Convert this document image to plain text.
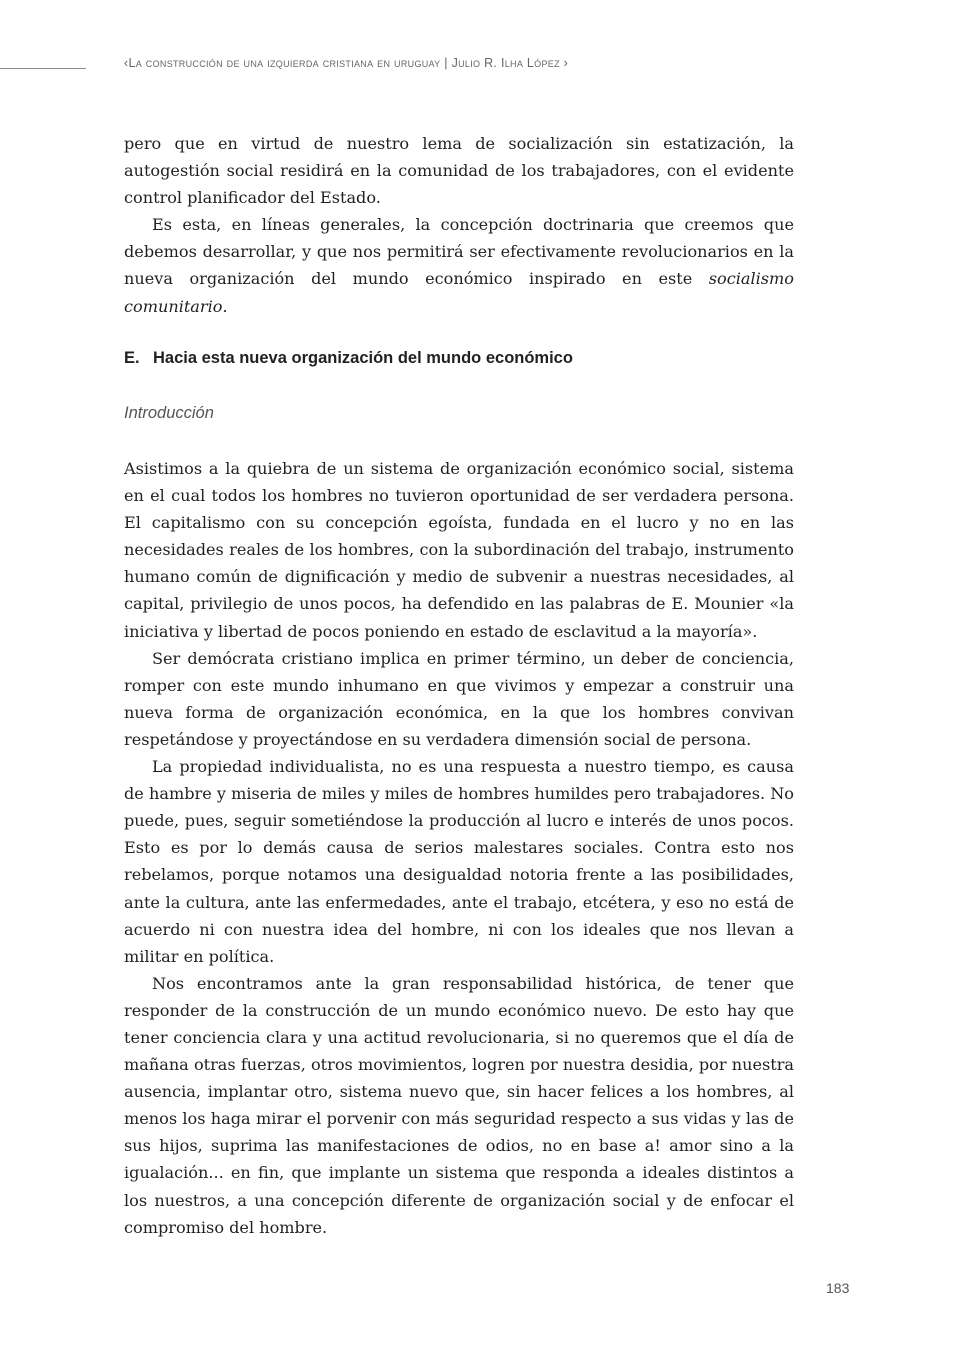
‹La construcción de una izquierda cristiana en uruguay | Julio R. Ilha López ›

pero que en virtud de nuestro lema de socialización sin estatización, la autogestión social residirá en la comunidad de los trabajadores, con el evidente control planificador del Estado.

Es esta, en líneas generales, la concepción doctrinaria que creemos que debemos desarrollar, y que nos permitirá ser efectivamente revolucionarios en la nueva organización del mundo económico inspirado en este socialismo comunitario.

E. Hacia esta nueva organización del mundo económico
Introducción

Asistimos a la quiebra de un sistema de organización económico social, sistema en el cual todos los hombres no tuvieron oportunidad de ser verdadera persona. El capitalismo con su concepción egoísta, fundada en el lucro y no en las necesidades reales de los hombres, con la subordinación del trabajo, instrumento humano común de dignificación y medio de subvenir a nuestras necesidades, al capital, privilegio de unos pocos, ha defendido en las palabras de E. Mounier «la iniciativa y libertad de pocos poniendo en estado de esclavitud a la mayoría».

Ser demócrata cristiano implica en primer término, un deber de conciencia, romper con este mundo inhumano en que vivimos y empezar a construir una nueva forma de organización económica, en la que los hombres convivan respetándose y proyectándose en su verdadera dimensión social de persona.

La propiedad individualista, no es una respuesta a nuestro tiempo, es causa de hambre y miseria de miles y miles de hombres humildes pero trabajadores. No puede, pues, seguir sometiéndose la producción al lucro e interés de unos pocos. Esto es por lo demás causa de serios malestares sociales. Contra esto nos rebelamos, porque notamos una desigualdad notoria frente a las posibilidades, ante la cultura, ante las enfermedades, ante el trabajo, etcétera, y eso no está de acuerdo ni con nuestra idea del hombre, ni con los ideales que nos llevan a militar en política.

Nos encontramos ante la gran responsabilidad histórica, de tener que responder de la construcción de un mundo económico nuevo. De esto hay que tener conciencia clara y una actitud revolucionaria, si no queremos que el día de mañana otras fuerzas, otros movimientos, logren por nuestra desidia, por nuestra ausencia, implantar otro, sistema nuevo que, sin hacer felices a los hombres, al menos los haga mirar el porvenir con más seguridad respecto a sus vidas y las de sus hijos, suprima las manifestaciones de odios, no en base a! amor sino a la igualación... en fin, que implante un sistema que responda a ideales distintos a los nuestros, a una concepción diferente de organización social y de enfocar el compromiso del hombre.

183
